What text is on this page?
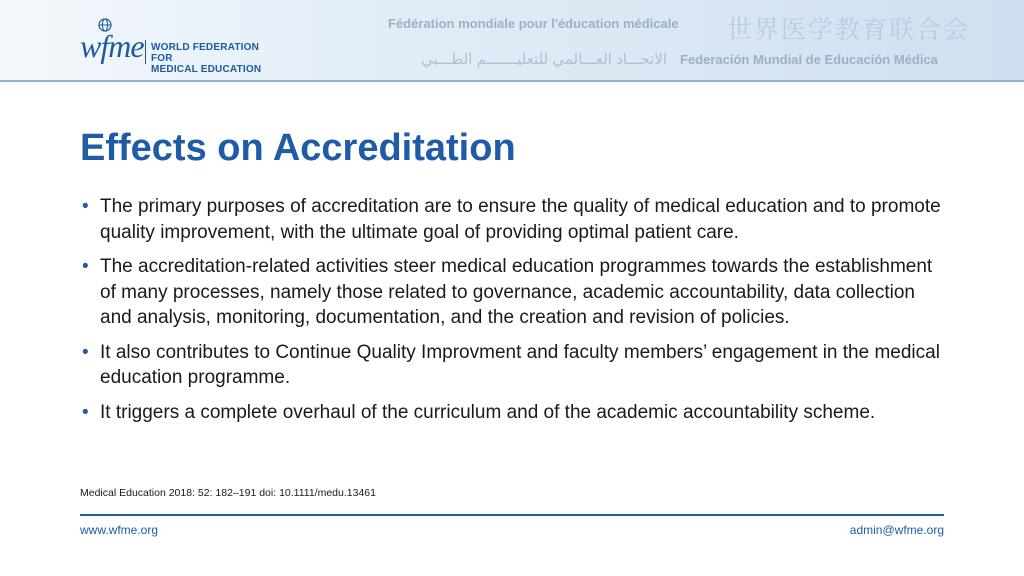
wfme WORLD FEDERATION FOR
MEDICAL EDUCATION
Fédération mondiale pour l'éducation médicale 世界医学教育联合会
الاتحـــاد العـــالمي للتعليـــــــم الطـــبي Federación Mundial de Educación Médica
Effects on Accreditation
• The primary purposes of accreditation are to ensure the quality of medical education and to promote quality improvement, with the ultimate goal of providing optimal patient care.
• The accreditation-related activities steer medical education programmes towards the establishment of many processes, namely those related to governance, academic accountability, data collection and analysis, monitoring, documentation, and the creation and revision of policies.
• It also contributes to Continue Quality Improvment and faculty members’ engagement in the medical education programme.
• It triggers a complete overhaul of the curriculum and of the academic accountability scheme.
Medical Education 2018: 52: 182–191 doi: 10.1111/medu.13461
www.wfme.org	admin@wfme.org
